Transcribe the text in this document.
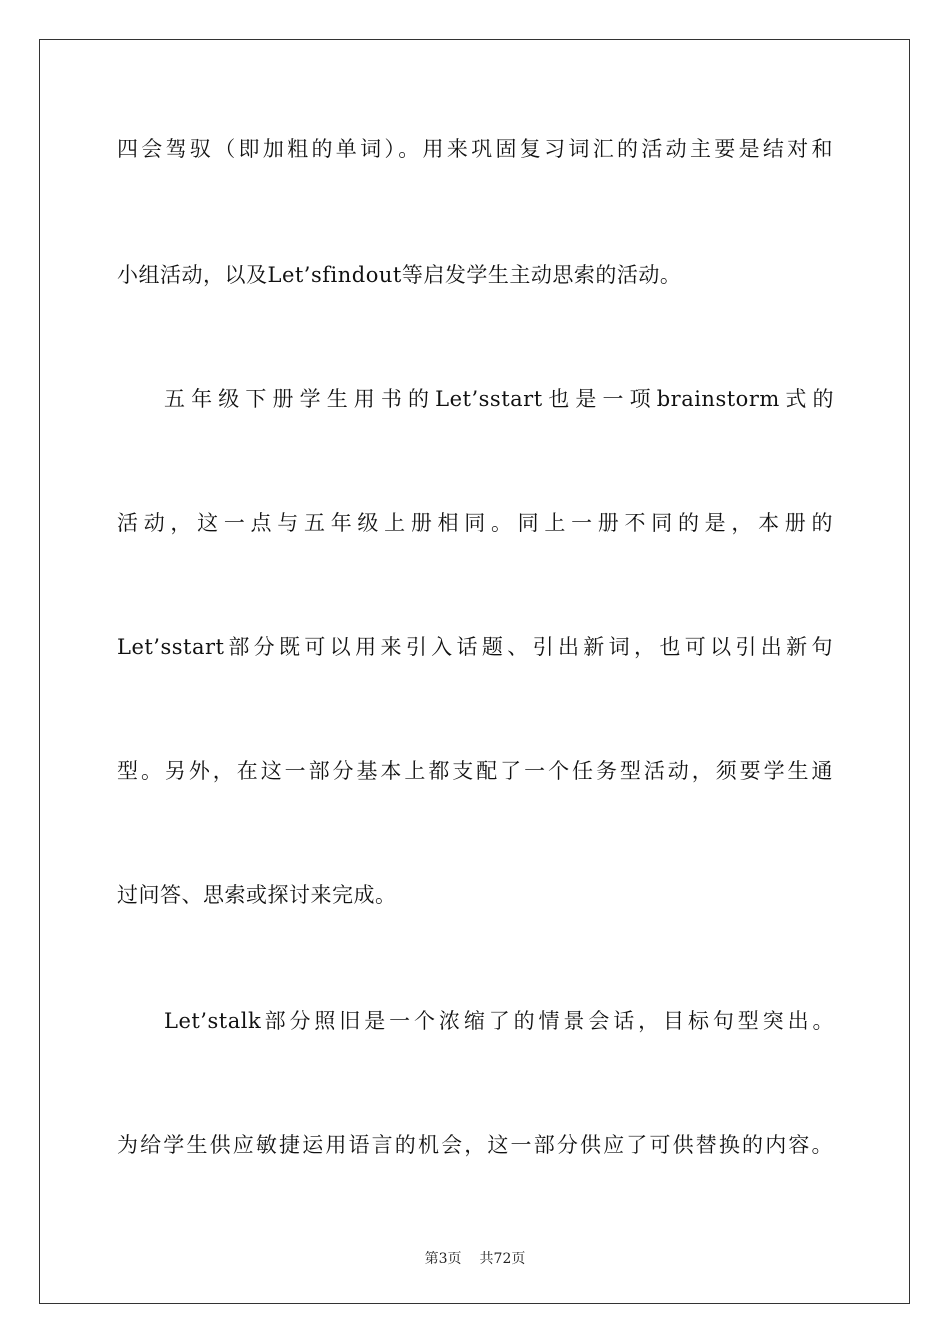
四会驾驭（即加粗的单词）。用来巩固复习词汇的活动主要是结对和
小组活动，以及Let’sfindout等启发学生主动思索的活动。
五年级下册学生用书的Let’sstart也是一项brainstorm式的
活动，这一点与五年级上册相同。同上一册不同的是，本册的
Let’sstart部分既可以用来引入话题、引出新词，也可以引出新句
型。另外，在这一部分基本上都支配了一个任务型活动，须要学生通
过问答、思索或探讨来完成。
Let’stalk部分照旧是一个浓缩了的情景会话，目标句型突出。
为给学生供应敏捷运用语言的机会，这一部分供应了可供替换的内容。
第3页 共72页
